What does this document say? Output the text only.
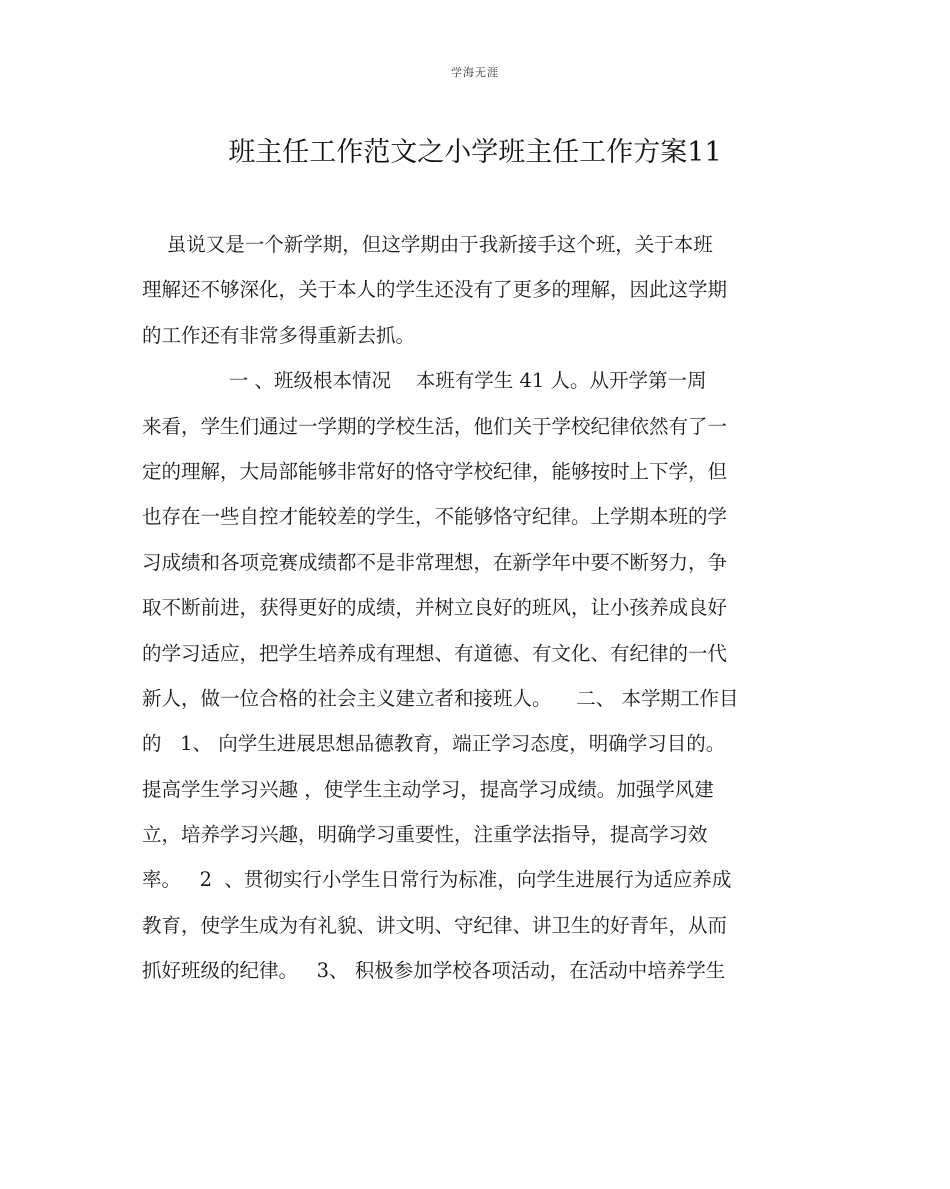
学海无涯
班主任工作范文之小学班主任工作方案11
虽说又是一个新学期，但这学期由于我新接手这个班，关于本班
理解还不够深化，关于本人的学生还没有了更多的理解，因此这学期
的工作还有非常多得重新去抓。
一 、班级根本情况    本班有学生 41 人。从开学第一周
来看，学生们通过一学期的学校生活，他们关于学校纪律依然有了一
定的理解，大局部能够非常好的恪守学校纪律，能够按时上下学，但
也存在一些自控才能较差的学生，不能够恪守纪律。上学期本班的学
习成绩和各项竞赛成绩都不是非常理想，在新学年中要不断努力，争
取不断前进，获得更好的成绩，并树立良好的班风，让小孩养成良好
的学习适应，把学生培养成有理想、有道德、有文化、有纪律的一代
新人，做一位合格的社会主义建立者和接班人。    二、 本学期工作目
的   1、 向学生进展思想品德教育，端正学习态度，明确学习目的。
提高学生学习兴趣 ，使学生主动学习，提高学习成绩。加强学风建
立，培养学习兴趣，明确学习重要性，注重学法指导，提高学习效
率。   2  、贯彻实行小学生日常行为标准，向学生进展行为适应养成
教育，使学生成为有礼貌、讲文明、守纪律、讲卫生的好青年，从而
抓好班级的纪律。   3、 积极参加学校各项活动，在活动中培养学生
